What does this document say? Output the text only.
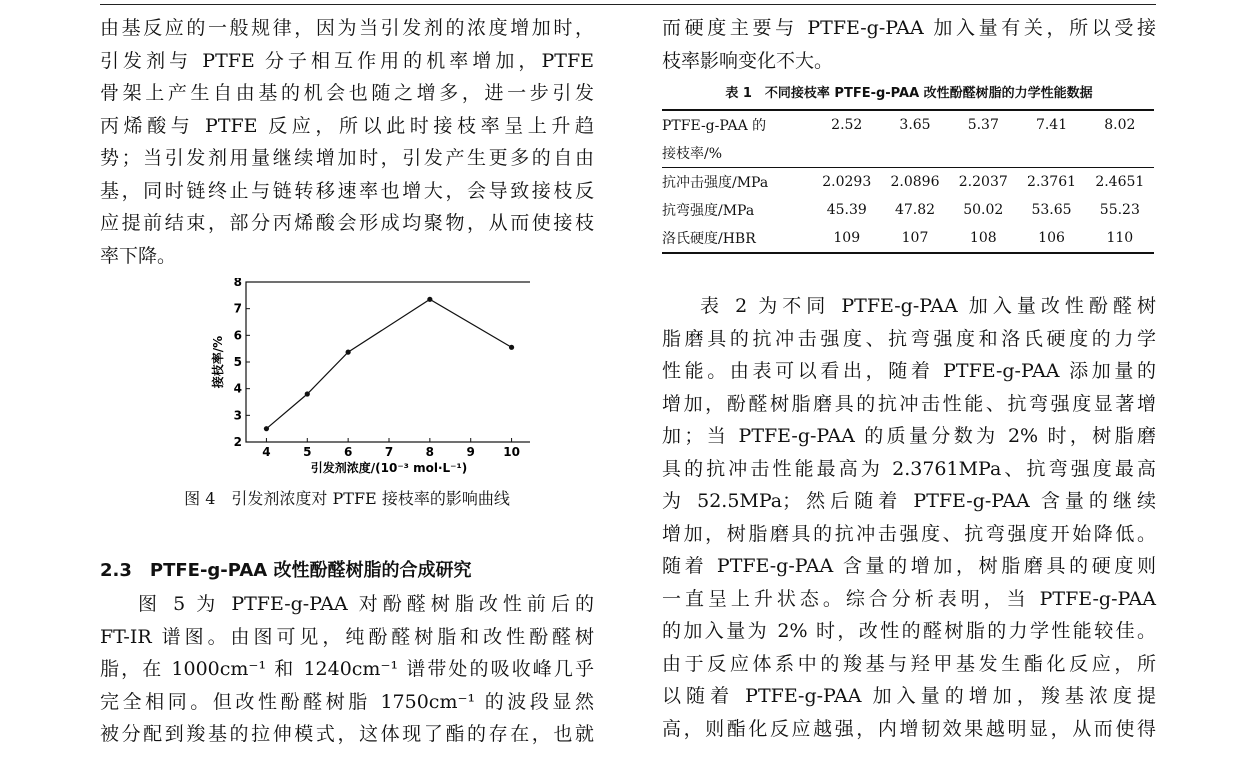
由基反应的一般规律，因为当引发剂的浓度增加时，
引发剂与 PTFE 分子相互作用的机率增加，PTFE
骨架上产生自由基的机会也随之增多，进一步引发
丙烯酸与 PTFE 反应，所以此时接枝率呈上升趋
势；当引发剂用量继续增加时，引发产生更多的自由
基，同时链终止与链转移速率也增大，会导致接枝反
应提前结束，部分丙烯酸会形成均聚物，从而使接枝
率下降。
2
3
4
5
6
7
8
4	5	6	7	8	9 10
引发剂浓度/(10⁻³ mol·L⁻¹)
接枝率/%
图 4　引发剂浓度对 PTFE 接枝率的影响曲线
2.3　PTFE-g-PAA 改性酚醛树脂的合成研究
图 5 为 PTFE-g-PAA 对酚醛树脂改性前后的
FT-IR 谱图。由图可见，纯酚醛树脂和改性酚醛树
脂，在 1000cm⁻¹ 和 1240cm⁻¹ 谱带处的吸收峰几乎
完全相同。但改性酚醛树脂 1750cm⁻¹ 的波段显然
被分配到羧基的拉伸模式，这体现了酯的存在，也就
而硬度主要与 PTFE-g-PAA 加入量有关，所以受接
枝率影响变化不大。
表 1　不同接枝率 PTFE-g-PAA 改性酚醛树脂的力学性能数据
PTFE-g-PAA 的	2.52	3.65	5.37	7.41	8.02
接枝率/%					
抗冲击强度/MPa	2.0293	2.0896	2.2037	2.3761	2.4651
抗弯强度/MPa	45.39	47.82	50.02	53.65	55.23
洛氏硬度/HBR	109	107	108	106	110
表 2 为不同 PTFE-g-PAA 加入量改性酚醛树
脂磨具的抗冲击强度、抗弯强度和洛氏硬度的力学
性能。由表可以看出，随着 PTFE-g-PAA 添加量的
增加，酚醛树脂磨具的抗冲击性能、抗弯强度显著增
加；当 PTFE-g-PAA 的质量分数为 2% 时，树脂磨
具的抗冲击性能最高为 2.3761MPa、抗弯强度最高
为 52.5MPa；然后随着 PTFE-g-PAA 含量的继续
增加，树脂磨具的抗冲击强度、抗弯强度开始降低。
随着 PTFE-g-PAA 含量的增加，树脂磨具的硬度则
一直呈上升状态。综合分析表明，当 PTFE-g-PAA
的加入量为 2% 时，改性的醛树脂的力学性能较佳。
由于反应体系中的羧基与羟甲基发生酯化反应，所
以随着 PTFE-g-PAA 加入量的增加，羧基浓度提
高，则酯化反应越强，内增韧效果越明显，从而使得
